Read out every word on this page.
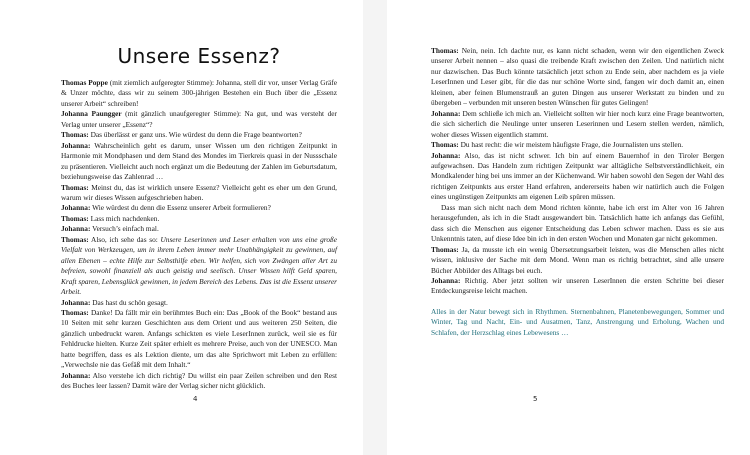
Unsere Essenz?

Thomas Poppe (mit ziemlich aufgeregter Stimme): Johanna, stell dir vor, unser Verlag Gräfe & Unzer möchte, dass wir zu seinem 300-jährigen Bestehen ein Buch über die „Essenz unserer Arbeit“ schreiben!

Johanna Paungger (mit gänzlich unaufgeregter Stimme): Na gut, und was versteht der Verlag unter unserer „Essenz“?

Thomas: Das überlässt er ganz uns. Wie würdest du denn die Frage beantworten?

Johanna: Wahrscheinlich geht es darum, unser Wissen um den richtigen Zeitpunkt in Harmonie mit Mondphasen und dem Stand des Mondes im Tierkreis quasi in der Nussschale zu präsentieren. Vielleicht auch noch ergänzt um die Bedeutung der Zahlen im Geburtsdatum, beziehungsweise das Zahlenrad …

Thomas: Meinst du, das ist wirklich unsere Essenz? Vielleicht geht es eher um den Grund, warum wir dieses Wissen aufgeschrieben haben.

Johanna: Wie würdest du denn die Essenz unserer Arbeit formulieren?

Thomas: Lass mich nachdenken.

Johanna: Versuch’s einfach mal.

Thomas: Also, ich sehe das so: Unsere Leserinnen und Leser erhalten von uns eine große Vielfalt von Werkzeugen, um in ihrem Leben immer mehr Unabhängigkeit zu gewinnen, auf allen Ebenen – echte Hilfe zur Selbsthilfe eben. Wir helfen, sich von Zwängen aller Art zu befreien, sowohl finanziell als auch geistig und seelisch. Unser Wissen hilft Geld sparen, Kraft sparen, Lebensglück gewinnen, in jedem Bereich des Lebens. Das ist die Essenz unserer Arbeit.

Johanna: Das hast du schön gesagt.

Thomas: Danke! Da fällt mir ein berühmtes Buch ein: Das „Book of the Book“ bestand aus 10 Seiten mit sehr kurzen Geschichten aus dem Orient und aus weiteren 250 Seiten, die gänzlich unbedruckt waren. Anfangs schickten es viele LeserInnen zurück, weil sie es für Fehldrucke hielten. Kurze Zeit später erhielt es mehrere Preise, auch von der UNESCO. Man hatte begriffen, dass es als Lektion diente, um das alte Sprichwort mit Leben zu erfüllen: „Verwechsle nie das Gefäß mit dem Inhalt.“

Johanna: Also verstehe ich dich richtig? Du willst ein paar Zeilen schreiben und den Rest des Buches leer lassen? Damit wäre der Verlag sicher nicht glücklich.

4

Thomas: Nein, nein. Ich dachte nur, es kann nicht schaden, wenn wir den eigentlichen Zweck unserer Arbeit nennen – also quasi die treibende Kraft zwischen den Zeilen. Und natürlich nicht nur dazwischen. Das Buch könnte tatsächlich jetzt schon zu Ende sein, aber nachdem es ja viele LeserInnen und Leser gibt, für die das nur schöne Worte sind, fangen wir doch damit an, einen kleinen, aber feinen Blumenstrauß an guten Dingen aus unserer Werkstatt zu binden und zu übergeben – verbunden mit unseren besten Wünschen für gutes Gelingen!

Johanna: Dem schließe ich mich an. Vielleicht sollten wir hier noch kurz eine Frage beantworten, die sich sicherlich die Neulinge unter unseren Leserinnen und Lesern stellen werden, nämlich, woher dieses Wissen eigentlich stammt.

Thomas: Du hast recht: die wir meistem häufigste Frage, die Journalisten uns stellen.

Johanna: Also, das ist nicht schwer. Ich bin auf einem Bauernhof in den Tiroler Bergen aufgewachsen. Das Handeln zum richtigen Zeitpunkt war alltägliche Selbstverständlichkeit, ein Mondkalender hing bei uns immer an der Küchenwand. Wir haben sowohl den Segen der Wahl des richtigen Zeitpunkts aus erster Hand erfahren, andererseits haben wir natürlich auch die Folgen eines ungünstigen Zeitpunkts am eigenen Leib spüren müssen.

Dass man sich nicht nach dem Mond richten könnte, habe ich erst im Alter von 16 Jahren herausgefunden, als ich in die Stadt ausgewandert bin. Tatsächlich hatte ich anfangs das Gefühl, dass sich die Menschen aus eigener Entscheidung das Leben schwer machen. Dass es sie aus Unkenntnis taten, auf diese Idee bin ich in den ersten Wochen und Monaten gar nicht gekommen.

Thomas: Ja, da musste ich ein wenig Übersetzungsarbeit leisten, was die Menschen alles nicht wissen, inklusive der Sache mit dem Mond. Wenn man es richtig betrachtet, sind alle unsere Bücher Abbilder des Alltags bei euch.

Johanna: Richtig. Aber jetzt sollten wir unseren LeserInnen die ersten Schritte bei dieser Entdeckungsreise leicht machen.

Alles in der Natur bewegt sich in Rhythmen. Sternenbahnen, Planetenbewegungen, Sommer und Winter, Tag und Nacht, Ein- und Ausatmen, Tanz, Anstrengung und Erholung, Wachen und Schlafen, der Herzschlag eines Lebewesens …
5
